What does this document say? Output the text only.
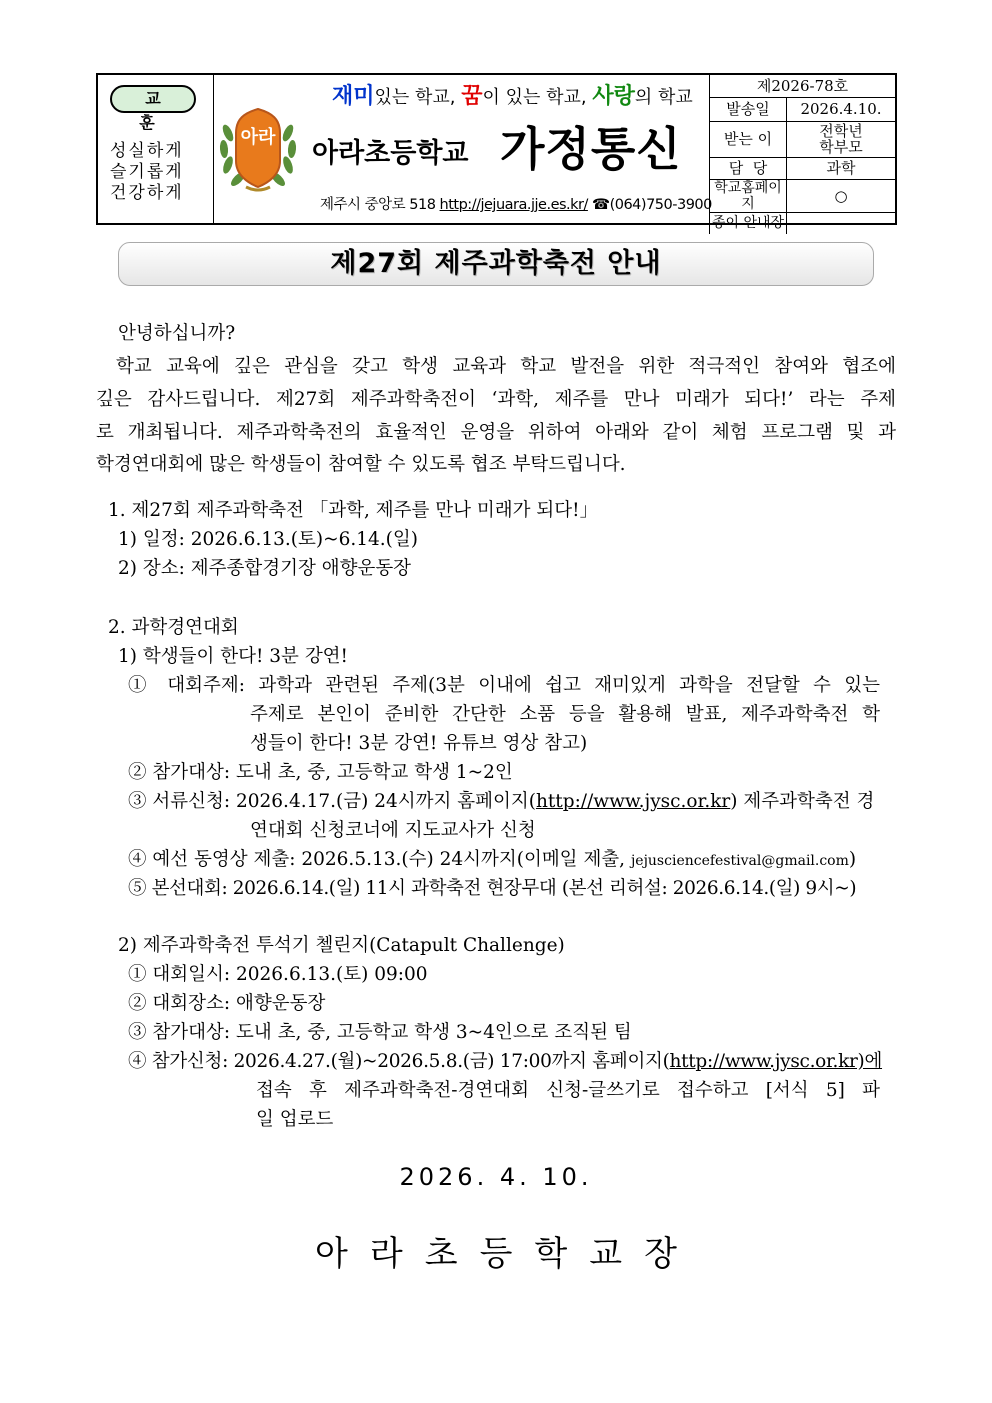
교 훈
성실하게
슬기롭게
건강하게
재미있는 학교, 꿈이 있는 학교, 사랑의 학교
아라
아라초등학교 가정통신
제주시 중앙로 518 http://jejuara.jje.es.kr/ ☎(064)750-3900
제2026-78호	
발송일	2026.4.10.
받는 이	전학년
학부모

담  당	과학
학교홈페이지	○
종이 안내장	
제27회 제주과학축전 안내
안녕하십니까?
학교 교육에 깊은 관심을 갖고 학생 교육과 학교 발전을 위한 적극적인 참여와 협조에
깊은 감사드립니다. 제27회 제주과학축전이 ‘과학, 제주를 만나 미래가 되다!’ 라는 주제
로 개최됩니다. 제주과학축전의 효율적인 운영을 위하여 아래와 같이 체험 프로그램 및 과
학경연대회에 많은 학생들이 참여할 수 있도록 협조 부탁드립니다.
1. 제27회 제주과학축전 「과학, 제주를 만나 미래가 되다!」
1) 일정: 2026.6.13.(토)~6.14.(일)
2) 장소: 제주종합경기장 애향운동장
2. 과학경연대회
1) 학생들이 한다! 3분 강연!
① 대회주제: 과학과 관련된 주제(3분 이내에 쉽고 재미있게 과학을 전달할 수 있는
주제로 본인이 준비한 간단한 소품 등을 활용해 발표, 제주과학축전 학
생들이 한다! 3분 강연! 유튜브 영상 참고)
② 참가대상: 도내 초, 중, 고등학교 학생 1~2인
③ 서류신청: 2026.4.17.(금) 24시까지 홈페이지(http://www.jysc.or.kr) 제주과학축전 경
연대회 신청코너에 지도교사가 신청
④ 예선 동영상 제출: 2026.5.13.(수) 24시까지(이메일 제출, jejusciencefestival@gmail.com)
⑤ 본선대회: 2026.6.14.(일) 11시 과학축전 현장무대 (본선 리허설: 2026.6.14.(일) 9시~)
2) 제주과학축전 투석기 첼린지(Catapult Challenge)
① 대회일시: 2026.6.13.(토) 09:00
② 대회장소: 애향운동장
③ 참가대상: 도내 초, 중, 고등학교 학생 3~4인으로 조직된 팀
④ 참가신청: 2026.4.27.(월)~2026.5.8.(금) 17:00까지 홈페이지(http://www.jysc.or.kr)에
접속 후 제주과학축전-경연대회 신청-글쓰기로 접수하고 [서식 5] 파
일 업로드
2026. 4. 10.
아라초등학교장
